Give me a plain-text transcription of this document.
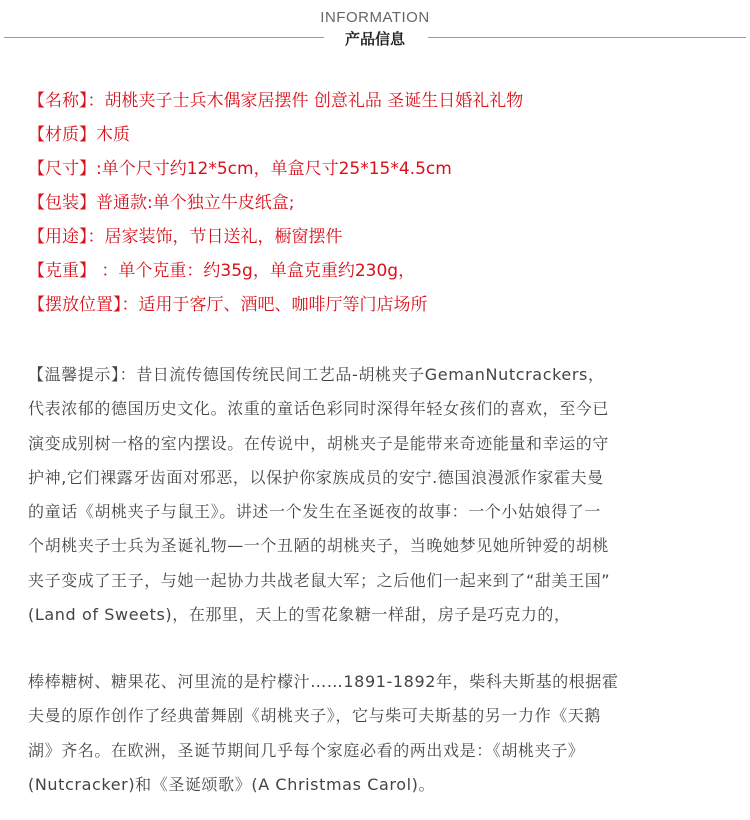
INFORMATION
产品信息
【名称】：胡桃夹子士兵木偶家居摆件 创意礼品 圣诞生日婚礼礼物
【材质】木质
【尺寸】:单个尺寸约12*5cm，单盒尺寸25*15*4.5cm
【包装】普通款:单个独立牛皮纸盒;
【用途】：居家装饰，节日送礼，橱窗摆件
【克重】 ：单个克重：约35g，单盒克重约230g，
【摆放位置】：适用于客厅、酒吧、咖啡厅等门店场所
【温馨提示】：昔日流传德国传统民间工艺品-胡桃夹子GemanNutcrackers，
代表浓郁的德国历史文化。浓重的童话色彩同时深得年轻女孩们的喜欢，至今已
演变成别树一格的室内摆设。在传说中，胡桃夹子是能带来奇迹能量和幸运的守
护神,它们裸露牙齿面对邪恶，以保护你家族成员的安宁.德国浪漫派作家霍夫曼
的童话《胡桃夹子与鼠王》。讲述一个发生在圣诞夜的故事：一个小姑娘得了一
个胡桃夹子士兵为圣诞礼物—一个丑陋的胡桃夹子，当晚她梦见她所钟爱的胡桃
夹子变成了王子，与她一起协力共战老鼠大军；之后他们一起来到了“甜美王国”
(Land of Sweets)，在那里，天上的雪花象糖一样甜，房子是巧克力的，
棒棒糖树、糖果花、河里流的是柠檬汁……1891-1892年，柴科夫斯基的根据霍
夫曼的原作创作了经典蕾舞剧《胡桃夹子》，它与柴可夫斯基的另一力作《天鹅
湖》齐名。在欧洲，圣诞节期间几乎每个家庭必看的两出戏是：《胡桃夹子》
(Nutcracker)和《圣诞颂歌》(A Christmas Carol)。
